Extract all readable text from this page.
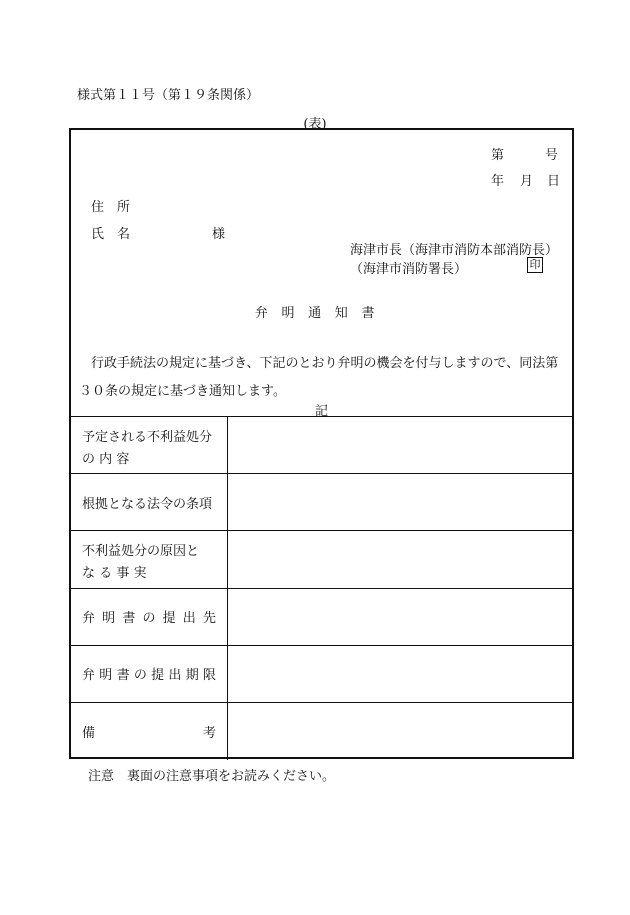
様式第１１号（第１９条関係）
(表)
第	号
年 月 日
住　所
氏　名	様
海津市長（海津市消防本部消防長）
（海津市消防署長）	印
弁明通知書
行政手続法の規定に基づき、下記のとおり弁明の機会を付与しますので、同法第
３０条の規定に基づき通知します。
記
予定される不利益処分
の 内 容
根拠となる法令の条項
不利益処分の原因と
な る 事 実
弁 明 書 の 提 出 先
弁 明 書 の 提 出 期 限
備	考
注意　裏面の注意事項をお読みください。
